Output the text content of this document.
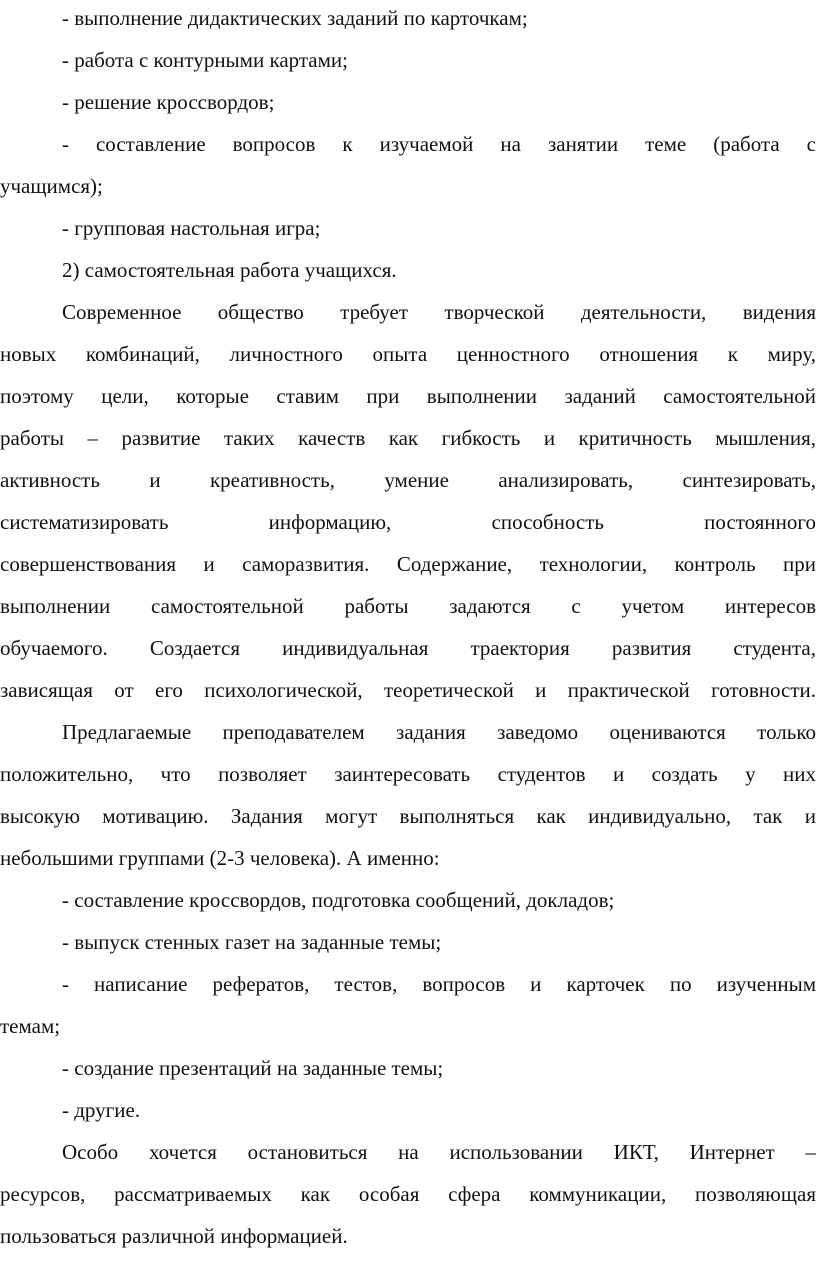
- выполнение дидактических заданий по карточкам;
- работа с контурными картами;
- решение кроссвордов;
- составление вопросов к изучаемой на занятии теме (работа с
учащимся);
- групповая настольная игра;
2) самостоятельная работа учащихся.
Современное общество требует творческой деятельности, видения
новых комбинаций, личностного опыта ценностного отношения к миру,
поэтому цели, которые ставим при выполнении заданий самостоятельной
работы – развитие таких качеств как гибкость и критичность мышления,
активность и креативность, умение анализировать, синтезировать,
систематизировать информацию, способность постоянного
совершенствования и саморазвития. Содержание, технологии, контроль при
выполнении самостоятельной работы задаются с учетом интересов
обучаемого. Создается индивидуальная траектория развития студента,
зависящая от его психологической, теоретической и практической готовности.
Предлагаемые преподавателем задания заведомо оцениваются только
положительно, что позволяет заинтересовать студентов и создать у них
высокую мотивацию. Задания могут выполняться как индивидуально, так и
небольшими группами (2-3 человека). А именно:
- составление кроссвордов, подготовка сообщений, докладов;
- выпуск стенных газет на заданные темы;
- написание рефератов, тестов, вопросов и карточек по изученным
темам;
- создание презентаций на заданные темы;
- другие.
Особо хочется остановиться на использовании ИКТ, Интернет –
ресурсов, рассматриваемых как особая сфера коммуникации, позволяющая
пользоваться различной информацией.
